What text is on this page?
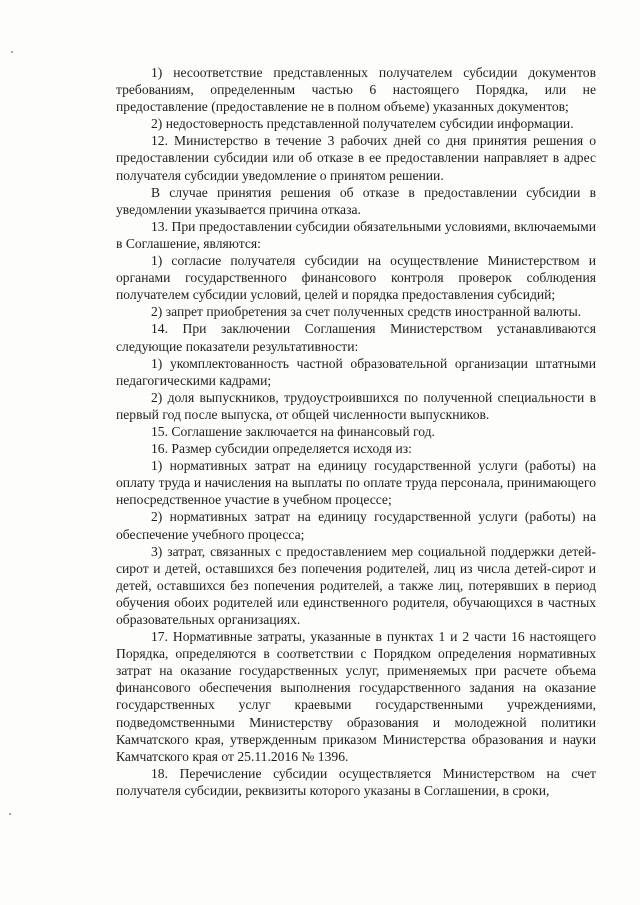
1) несоответствие представленных получателем субсидии документов требованиям, определенным частью 6 настоящего Порядка, или не предоставление (предоставление не в полном объеме) указанных документов;

2) недостоверность представленной получателем субсидии информации.

12. Министерство в течение 3 рабочих дней со дня принятия решения о предоставлении субсидии или об отказе в ее предоставлении направляет в адрес получателя субсидии уведомление о принятом решении.

В случае принятия решения об отказе в предоставлении субсидии в уведомлении указывается причина отказа.

13. При предоставлении субсидии обязательными условиями, включаемыми в Соглашение, являются:

1) согласие получателя субсидии на осуществление Министерством и органами государственного финансового контроля проверок соблюдения получателем субсидии условий, целей и порядка предоставления субсидий;

2) запрет приобретения за счет полученных средств иностранной валюты.

14. При заключении Соглашения Министерством устанавливаются следующие показатели результативности:

1) укомплектованность частной образовательной организации штатными педагогическими кадрами;

2) доля выпускников, трудоустроившихся по полученной специальности в первый год после выпуска, от общей численности выпускников.

15. Соглашение заключается на финансовый год.

16. Размер субсидии определяется исходя из:

1) нормативных затрат на единицу государственной услуги (работы) на оплату труда и начисления на выплаты по оплате труда персонала, принимающего непосредственное участие в учебном процессе;

2) нормативных затрат на единицу государственной услуги (работы) на обеспечение учебного процесса;

3) затрат, связанных с предоставлением мер социальной поддержки детей-сирот и детей, оставшихся без попечения родителей, лиц из числа детей-сирот и детей, оставшихся без попечения родителей, а также лиц, потерявших в период обучения обоих родителей или единственного родителя, обучающихся в частных образовательных организациях.

17. Нормативные затраты, указанные в пунктах 1 и 2 части 16 настоящего Порядка, определяются в соответствии с Порядком определения нормативных затрат на оказание государственных услуг, применяемых при расчете объема финансового обеспечения выполнения государственного задания на оказание государственных услуг краевыми государственными учреждениями, подведомственными Министерству образования и молодежной политики Камчатского края, утвержденным приказом Министерства образования и науки Камчатского края от 25.11.2016 № 1396.

18. Перечисление субсидии осуществляется Министерством на счет получателя субсидии, реквизиты которого указаны в Соглашении, в сроки,
